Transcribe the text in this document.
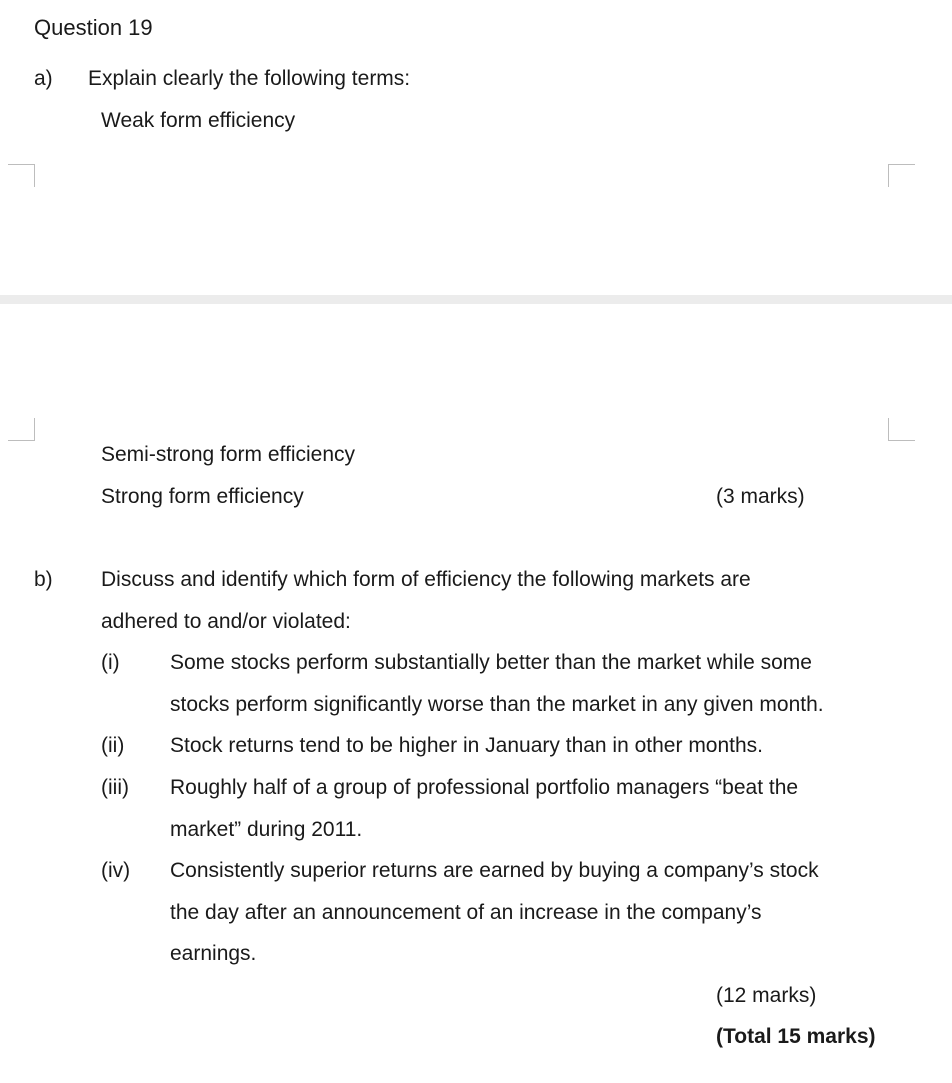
Question 19
a) Explain clearly the following terms:
Weak form efficiency
Semi-strong form efficiency
Strong form efficiency	(3 marks)
b) Discuss and identify which form of efficiency the following markets are
adhered to and/or violated:
(i) Some stocks perform substantially better than the market while some
stocks perform significantly worse than the market in any given month.
(ii) Stock returns tend to be higher in January than in other months.
(iii) Roughly half of a group of professional portfolio managers “beat the
market” during 2011.
(iv) Consistently superior returns are earned by buying a company’s stock
the day after an announcement of an increase in the company’s
earnings.
(12 marks)
(Total 15 marks)
